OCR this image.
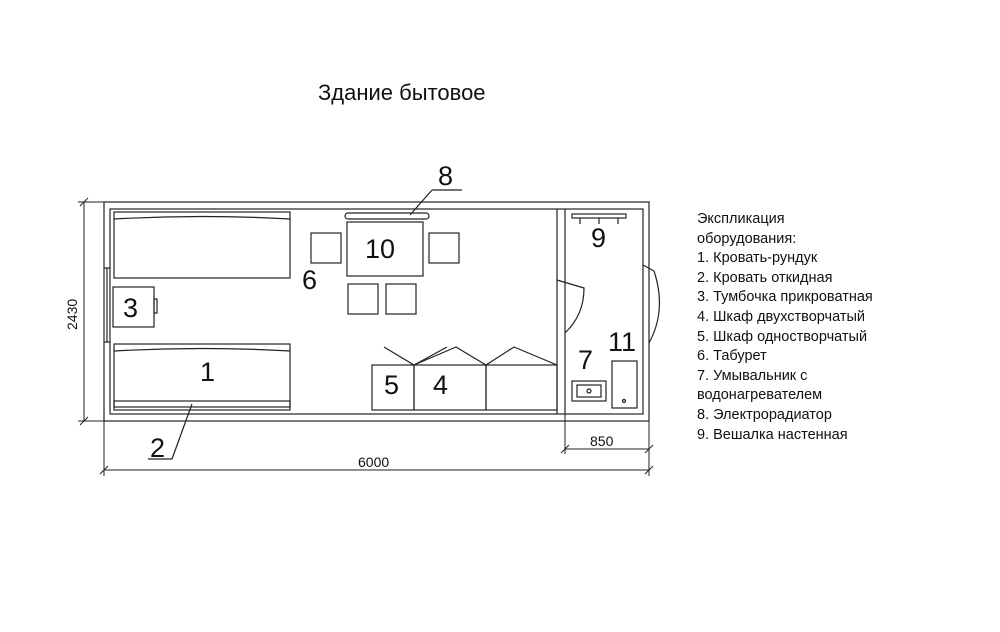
Здание бытовое
1
2
3
4
5
6
7
8
9
10
11
2430
6000
850
Экспликация
оборудования:
1. Кровать-рундук
2. Кровать откидная
3. Тумбочка прикроватная
4. Шкаф двухстворчатый
5. Шкаф одностворчатый
6. Табурет
7. Умывальник с
водонагревателем
8. Электрорадиатор
9. Вешалка настенная
